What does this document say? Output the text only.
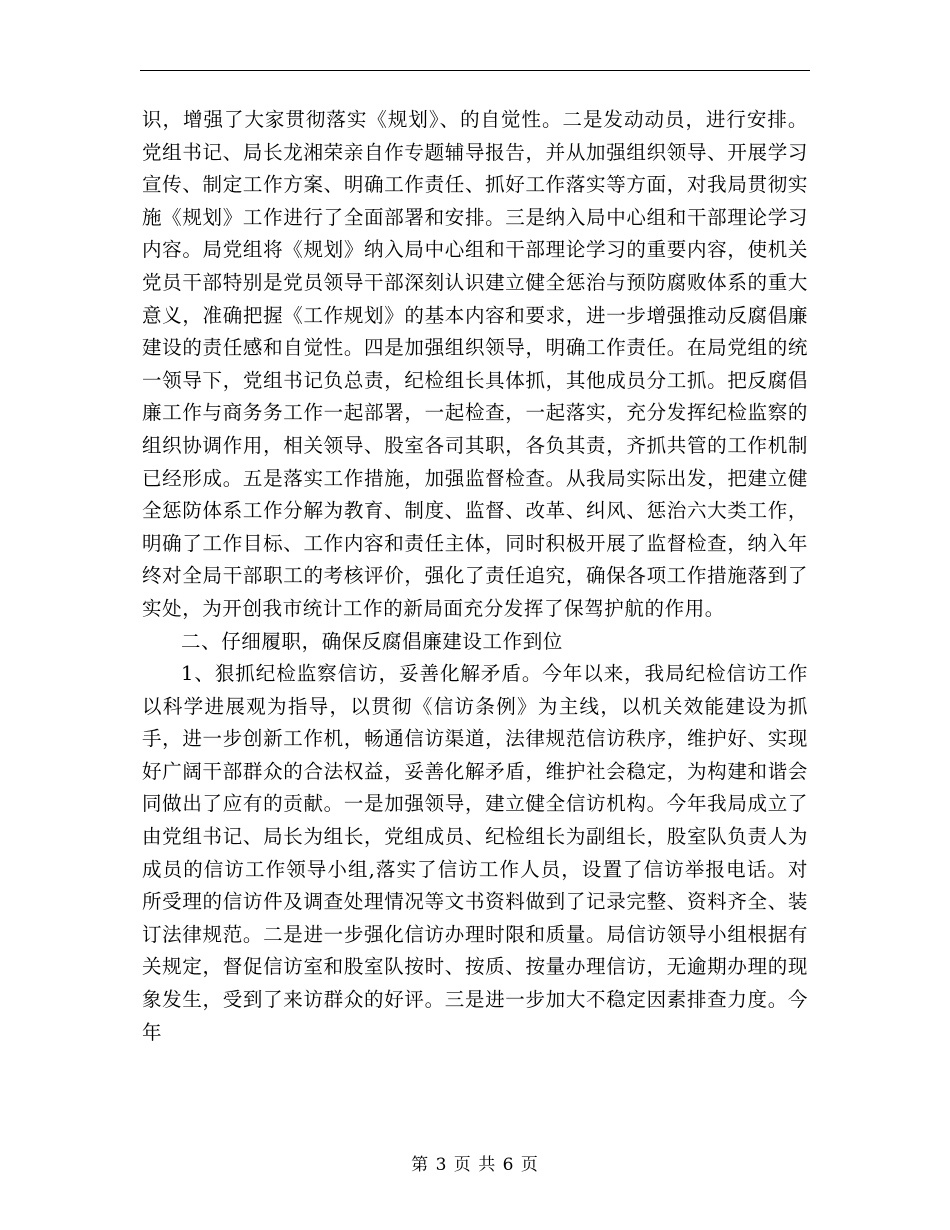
识，增强了大家贯彻落实《规划》、的自觉性。二是发动动员，进行安排。党组书记、局长龙湘荣亲自作专题辅导报告，并从加强组织领导、开展学习宣传、制定工作方案、明确工作责任、抓好工作落实等方面，对我局贯彻实施《规划》工作进行了全面部署和安排。三是纳入局中心组和干部理论学习内容。局党组将《规划》纳入局中心组和干部理论学习的重要内容，使机关党员干部特别是党员领导干部深刻认识建立健全惩治与预防腐败体系的重大意义，准确把握《工作规划》的基本内容和要求，进一步增强推动反腐倡廉建设的责任感和自觉性。四是加强组织领导，明确工作责任。在局党组的统一领导下，党组书记负总责，纪检组长具体抓，其他成员分工抓。把反腐倡廉工作与商务务工作一起部署，一起检查，一起落实，充分发挥纪检监察的组织协调作用，相关领导、股室各司其职，各负其责，齐抓共管的工作机制已经形成。五是落实工作措施，加强监督检查。从我局实际出发，把建立健全惩防体系工作分解为教育、制度、监督、改革、纠风、惩治六大类工作，明确了工作目标、工作内容和责任主体，同时积极开展了监督检查，纳入年终对全局干部职工的考核评价，强化了责任追究，确保各项工作措施落到了实处，为开创我市统计工作的新局面充分发挥了保驾护航的作用。

二、仔细履职，确保反腐倡廉建设工作到位

1、狠抓纪检监察信访，妥善化解矛盾。今年以来，我局纪检信访工作以科学进展观为指导，以贯彻《信访条例》为主线，以机关效能建设为抓手，进一步创新工作机，畅通信访渠道，法律规范信访秩序，维护好、实现好广阔干部群众的合法权益，妥善化解矛盾，维护社会稳定，为构建和谐会同做出了应有的贡献。一是加强领导，建立健全信访机构。今年我局成立了由党组书记、局长为组长，党组成员、纪检组长为副组长，股室队负责人为成员的信访工作领导小组,落实了信访工作人员，设置了信访举报电话。对所受理的信访件及调查处理情况等文书资料做到了记录完整、资料齐全、装订法律规范。二是进一步强化信访办理时限和质量。局信访领导小组根据有关规定，督促信访室和股室队按时、按质、按量办理信访，无逾期办理的现象发生，受到了来访群众的好评。三是进一步加大不稳定因素排查力度。今年

第 3 页 共 6 页
